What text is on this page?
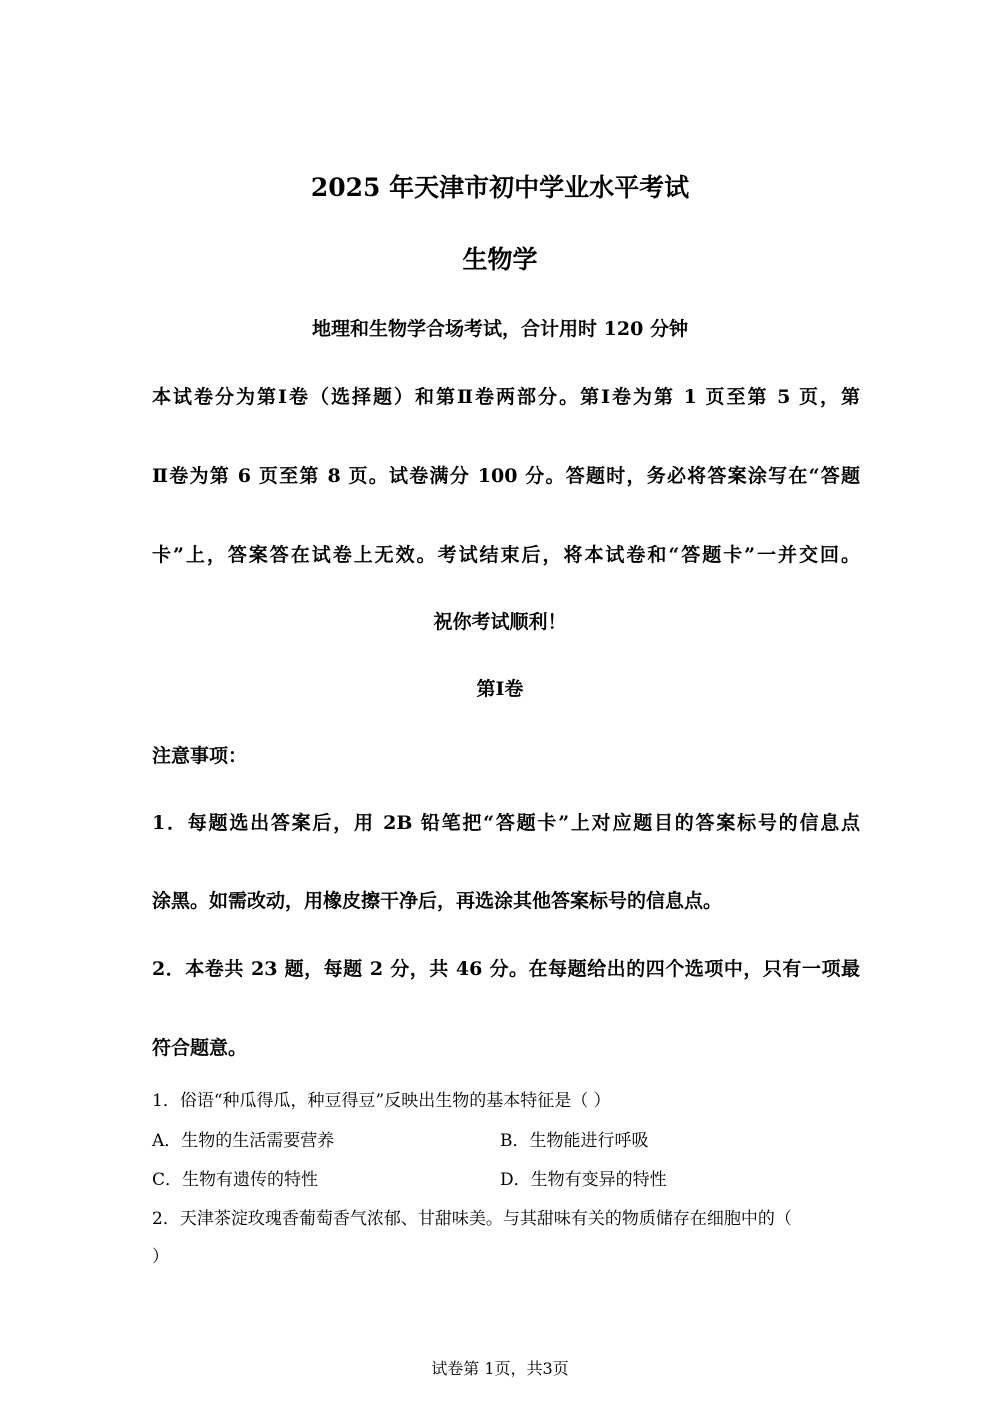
2025 年天津市初中学业水平考试
生物学
地理和生物学合场考试，合计用时 120 分钟
本试卷分为第Ⅰ卷（选择题）和第Ⅱ卷两部分。第Ⅰ卷为第 1 页至第 5 页，第
Ⅱ卷为第 6 页至第 8 页。试卷满分 100 分。答题时，务必将答案涂写在“答题
卡”上，答案答在试卷上无效。考试结束后，将本试卷和“答题卡”一并交回。
祝你考试顺利！
第Ⅰ卷
注意事项：
1．每题选出答案后，用 2B 铅笔把“答题卡”上对应题目的答案标号的信息点
涂黑。如需改动，用橡皮擦干净后，再选涂其他答案标号的信息点。
2．本卷共 23 题，每题 2 分，共 46 分。在每题给出的四个选项中，只有一项最
符合题意。
1．俗语“种瓜得瓜，种豆得豆”反映出生物的基本特征是（ ）
A．生物的生活需要营养	B．生物能进行呼吸
C．生物有遗传的特性	D．生物有变异的特性
2．天津茶淀玫瑰香葡萄香气浓郁、甘甜味美。与其甜味有关的物质储存在细胞中的（
）
试卷第 1页，共3页
